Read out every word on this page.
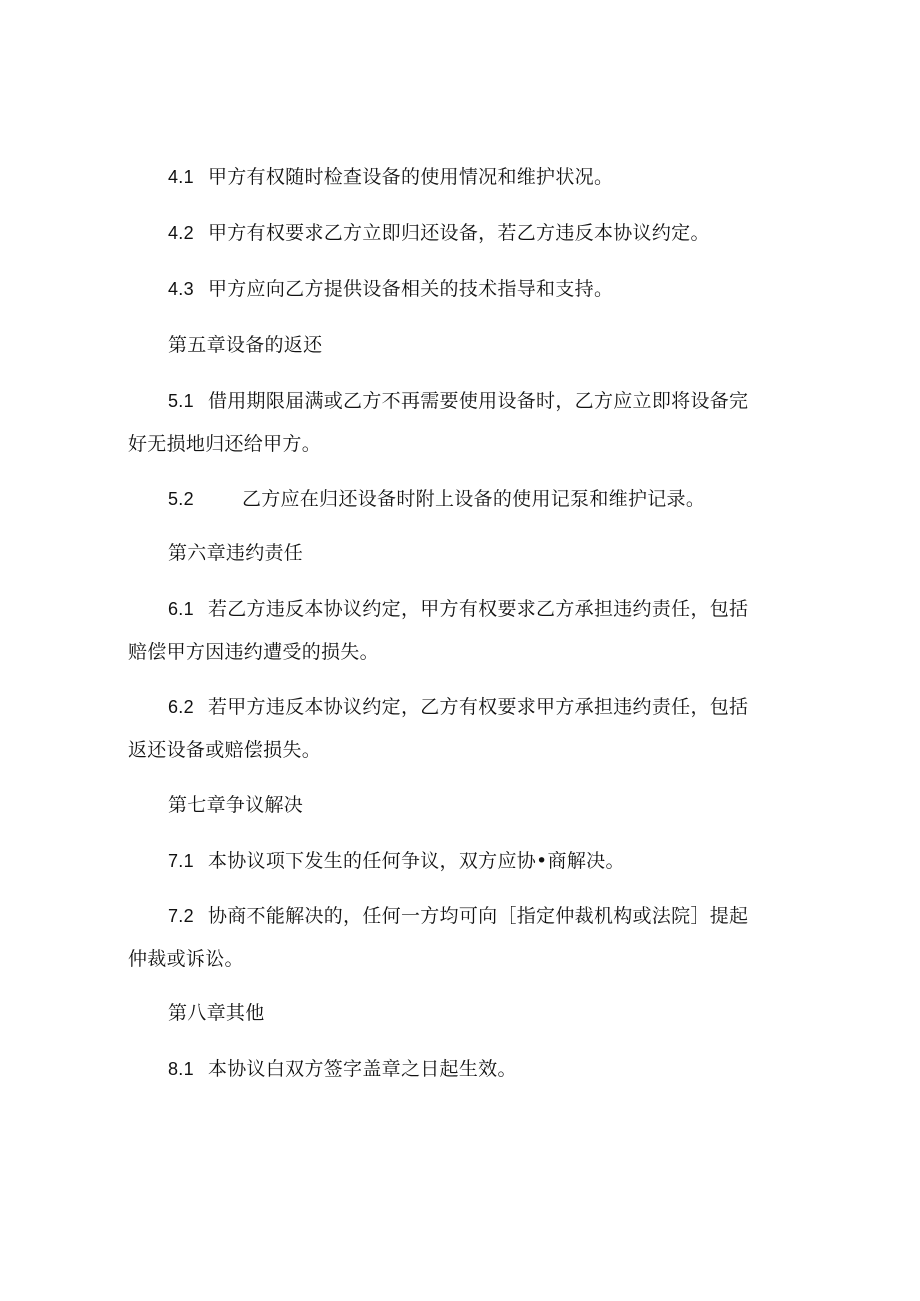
4.1 甲方有权随时检查设备的使用情况和维护状况。
4.2 甲方有权要求乙方立即归还设备，若乙方违反本协议约定。
4.3 甲方应向乙方提供设备相关的技术指导和支持。
第五章设备的返还
5.1 借用期限届满或乙方不再需要使用设备时，乙方应立即将设备完
好无损地归还给甲方。
5.2	乙方应在归还设备时附上设备的使用记泵和维护记录。
第六章违约责任
6.1 若乙方违反本协议约定，甲方有权要求乙方承担违约责任，包括
赔偿甲方因违约遭受的损失。
6.2 若甲方违反本协议约定，乙方有权要求甲方承担违约责任，包括
返还设备或赔偿损失。
第七章争议解决
7.1 本协议项下发生的任何争议，双方应协•商解决。
7.2 协商不能解决的，任何一方均可向［指定仲裁机构或法院］提起
仲裁或诉讼。
第八章其他
8.1 本协议白双方签字盖章之日起生效。
